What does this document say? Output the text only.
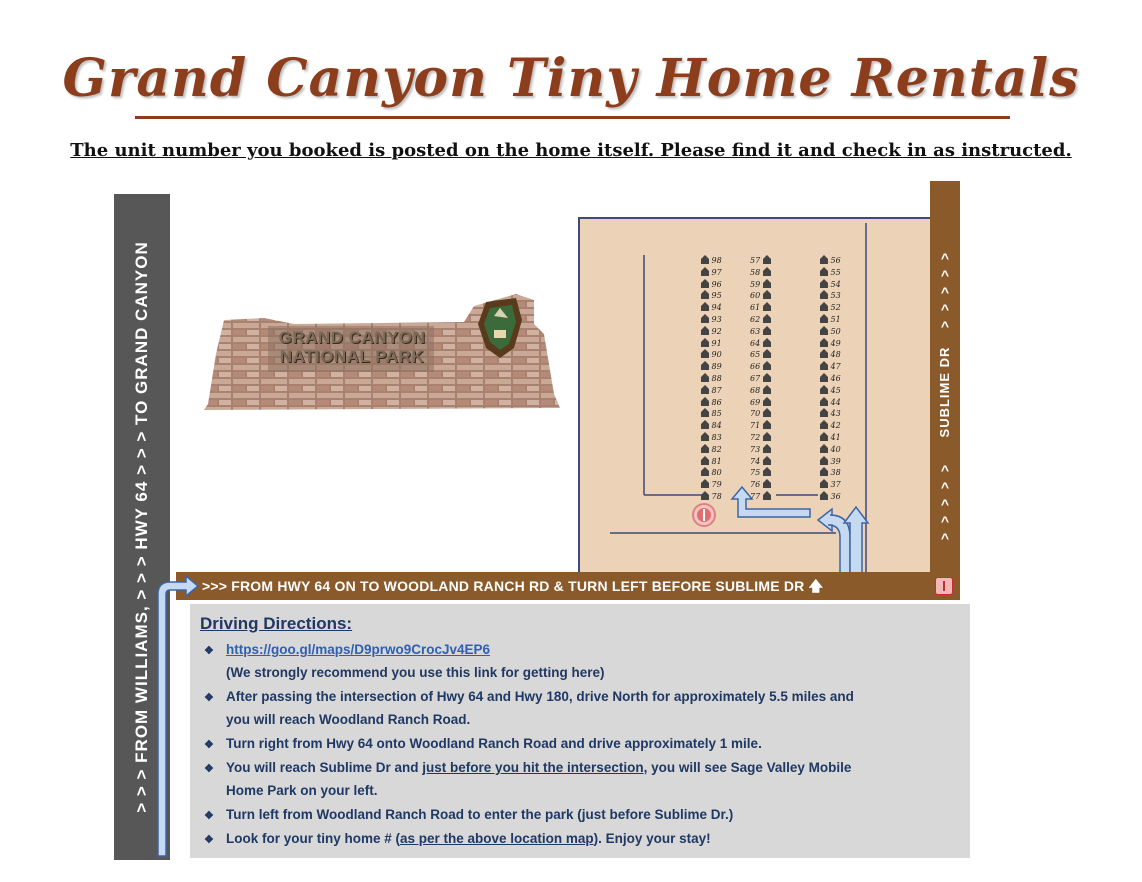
Grand Canyon Tiny Home Rentals
The unit number you booked is posted on the home itself. Please find it and check in as instructed.
> > > FROM WILLIAMS, > > > HWY 64 > > > TO GRAND CANYON	^
^
^
^
^
SUBLIME DR
^
^
^
^
^
GRAND CANYON
NATIONAL PARK
98
97
96
95
94
93
92
91
90
89
88
87
86
85
84
83
82
81
80
79
78
57
58
59
60
61
62
63
64
65
66
67
68
69
70
71
72
73
74
75
76
77
56
55
54
53
52
51
50
49
48
47
46
45
44
43
42
41
40
39
38
37
36
>>> FROM HWY 64 ON TO WOODLAND RANCH RD & TURN LEFT BEFORE SUBLIME DR 🡅
Driving Directions:
❖ https://goo.gl/maps/D9prwo9CrocJv4EP6
(We strongly recommend you use this link for getting here)
❖ After passing the intersection of Hwy 64 and Hwy 180, drive North for approximately 5.5 miles and
you will reach Woodland Ranch Road.
❖ Turn right from Hwy 64 onto Woodland Ranch Road and drive approximately 1 mile.
❖ You will reach Sublime Dr and just before you hit the intersection, you will see Sage Valley Mobile
Home Park on your left.
❖ Turn left from Woodland Ranch Road to enter the park (just before Sublime Dr.)
❖ Look for your tiny home # (as per the above location map). Enjoy your stay!
